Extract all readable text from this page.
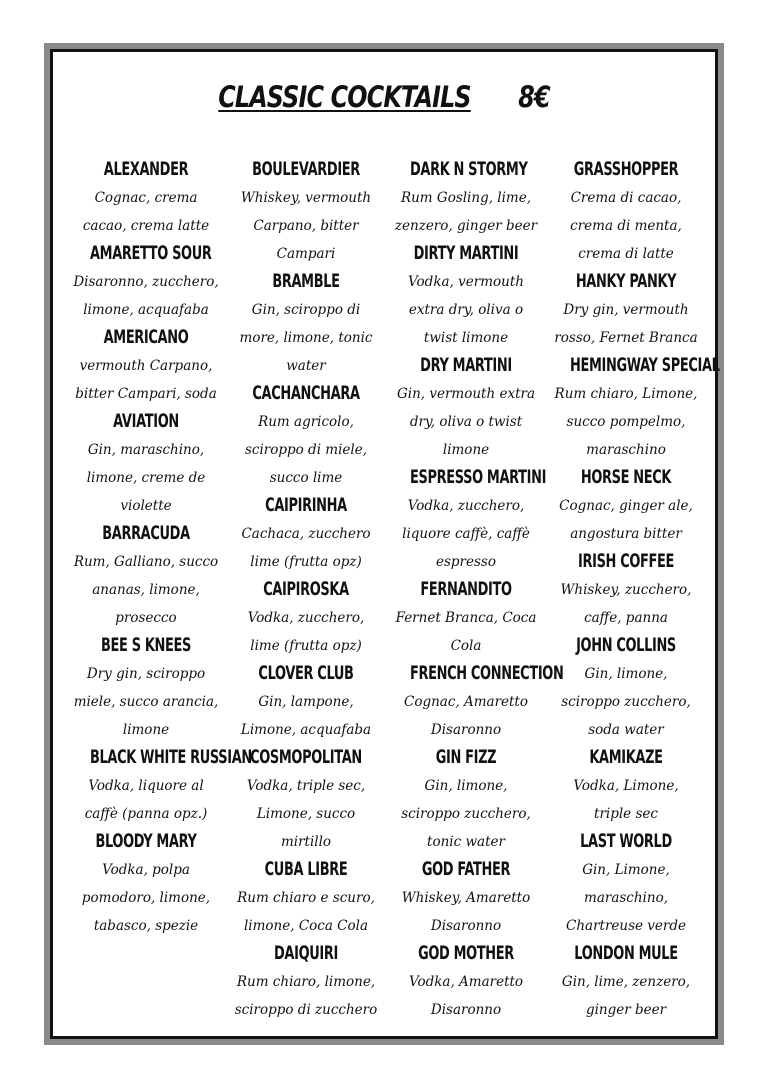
CLASSIC COCKTAILS 8€
ALEXANDER
Cognac, crema
cacao, crema latte
AMARETTO SOUR
Disaronno, zucchero,
limone, acquafaba
AMERICANO
vermouth Carpano,
bitter Campari, soda
AVIATION
Gin, maraschino,
limone, creme de
violette
BARRACUDA
Rum, Galliano, succo
ananas, limone,
prosecco
BEE S KNEES
Dry gin, sciroppo
miele, succo arancia,
limone
BLACK WHITE RUSSIAN
Vodka, liquore al
caffè (panna opz.)
BLOODY MARY
Vodka, polpa
pomodoro, limone,
tabasco, spezie
BOULEVARDIER
Whiskey, vermouth
Carpano, bitter
Campari
BRAMBLE
Gin, sciroppo di
more, limone, tonic
water
CACHANCHARA
Rum agricolo,
sciroppo di miele,
succo lime
CAIPIRINHA
Cachaca, zucchero
lime (frutta opz)
CAIPIROSKA
Vodka, zucchero,
lime (frutta opz)
CLOVER CLUB
Gin, lampone,
Limone, acquafaba
COSMOPOLITAN
Vodka, triple sec,
Limone, succo
mirtillo
CUBA LIBRE
Rum chiaro e scuro,
limone, Coca Cola
DAIQUIRI
Rum chiaro, limone,
sciroppo di zucchero
DARK N STORMY
Rum Gosling, lime,
zenzero, ginger beer
DIRTY MARTINI
Vodka, vermouth
extra dry, oliva o
twist limone
DRY MARTINI
Gin, vermouth extra
dry, oliva o twist
limone
ESPRESSO MARTINI
Vodka, zucchero,
liquore caffè, caffè
espresso
FERNANDITO
Fernet Branca, Coca
Cola
FRENCH CONNECTION
Cognac, Amaretto
Disaronno
GIN FIZZ
Gin, limone,
sciroppo zucchero,
tonic water
GOD FATHER
Whiskey, Amaretto
Disaronno
GOD MOTHER
Vodka, Amaretto
Disaronno
GRASSHOPPER
Crema di cacao,
crema di menta,
crema di latte
HANKY PANKY
Dry gin, vermouth
rosso, Fernet Branca
HEMINGWAY SPECIAL
Rum chiaro, Limone,
succo pompelmo,
maraschino
HORSE NECK
Cognac, ginger ale,
angostura bitter
IRISH COFFEE
Whiskey, zucchero,
caffe, panna
JOHN COLLINS
Gin, limone,
sciroppo zucchero,
soda water
KAMIKAZE
Vodka, Limone,
triple sec
LAST WORLD
Gin, Limone,
maraschino,
Chartreuse verde
LONDON MULE
Gin, lime, zenzero,
ginger beer
